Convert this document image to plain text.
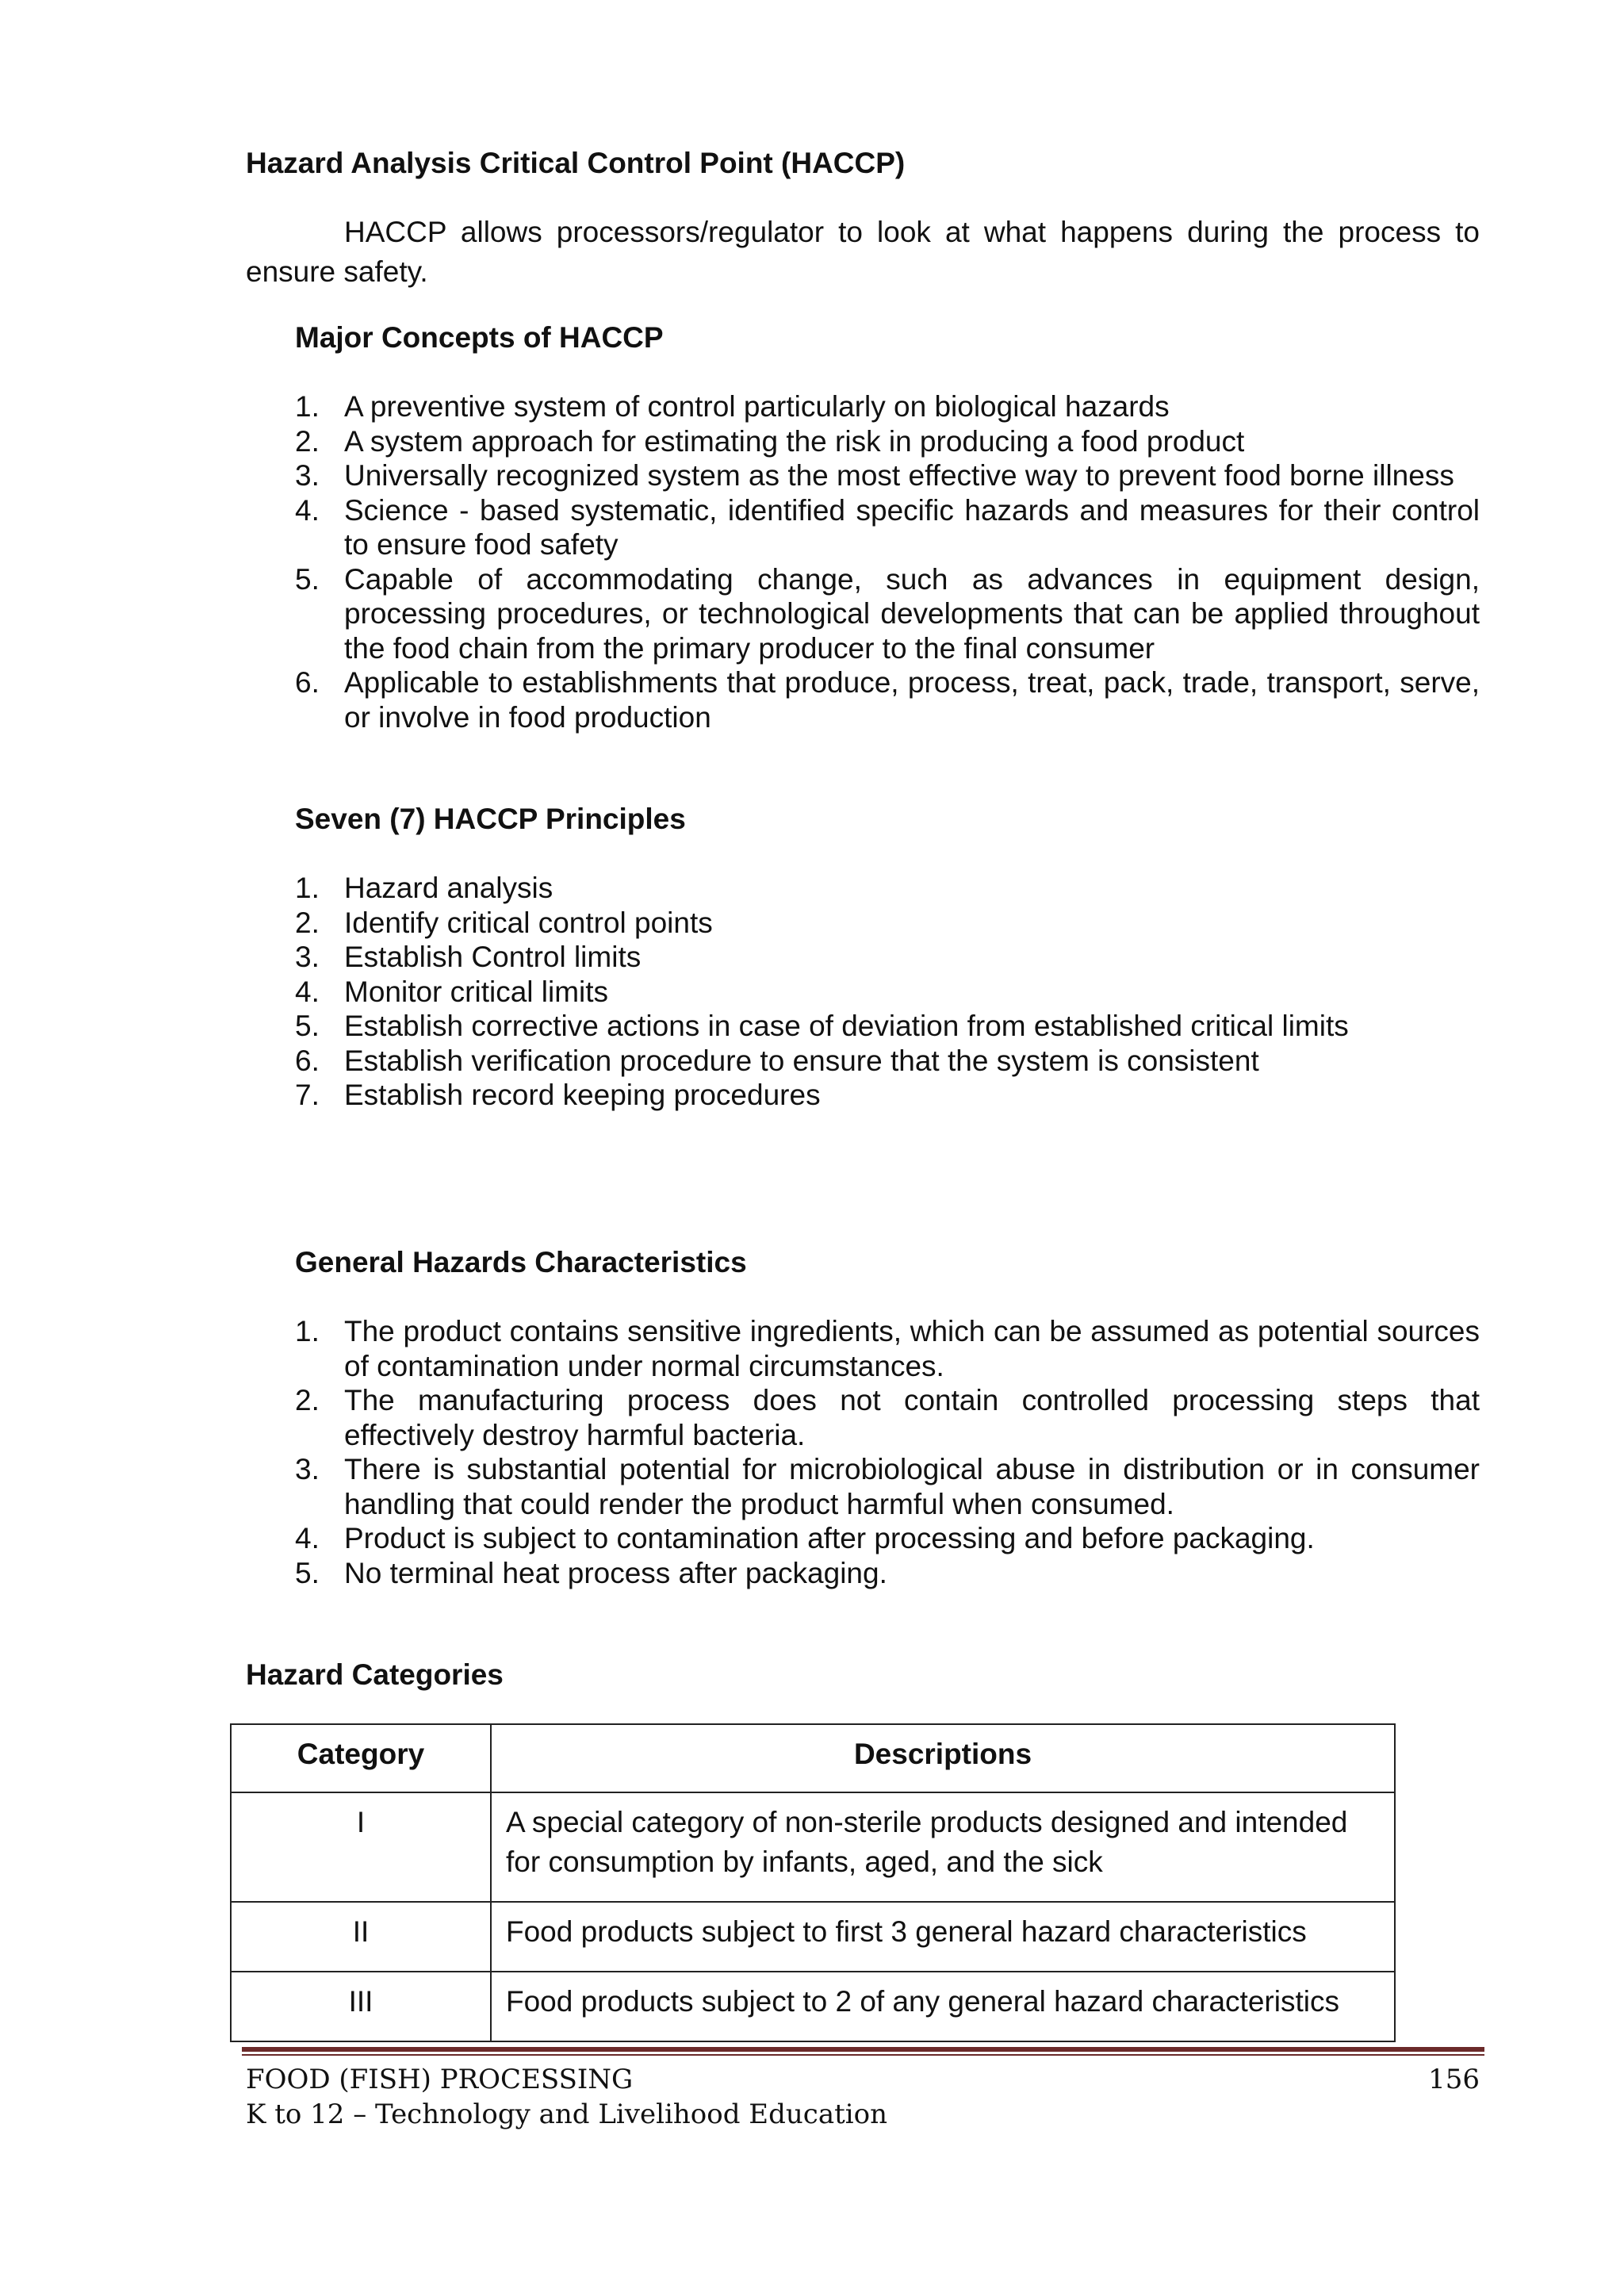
Hazard Analysis Critical Control Point (HACCP)

HACCP allows processors/regulator to look at what happens during the process to ensure safety.

Major Concepts of HACCP
1. A preventive system of control particularly on biological hazards
2. A system approach for estimating the risk in producing a food product
3. Universally recognized system as the most effective way to prevent food borne illness
4. Science - based systematic, identified specific hazards and measures for their control to ensure food safety
5. Capable of accommodating change, such as advances in equipment design, processing procedures, or technological developments that can be applied throughout the food chain from the primary producer to the final consumer
6. Applicable to establishments that produce, process, treat, pack, trade, transport, serve, or involve in food production
Seven (7) HACCP Principles
1. Hazard analysis
2. Identify critical control points
3. Establish Control limits
4. Monitor critical limits
5. Establish corrective actions in case of deviation from established critical limits
6. Establish verification procedure to ensure that the system is consistent
7. Establish record keeping procedures
General Hazards Characteristics
1. The product contains sensitive ingredients, which can be assumed as potential sources of contamination under normal circumstances.
2. The manufacturing process does not contain controlled processing steps that effectively destroy harmful bacteria.
3. There is substantial potential for microbiological abuse in distribution or in consumer handling that could render the product harmful when consumed.
4. Product is subject to contamination after processing and before packaging.
5. No terminal heat process after packaging.
Hazard Categories
Category	Descriptions
I	A special category of non-sterile products designed and intended for consumption by infants, aged, and the sick
II	Food products subject to first 3 general hazard characteristics
III	Food products subject to 2 of any general hazard characteristics

FOOD (FISH) PROCESSING

K to 12 – Technology and Livelihood Education

156
